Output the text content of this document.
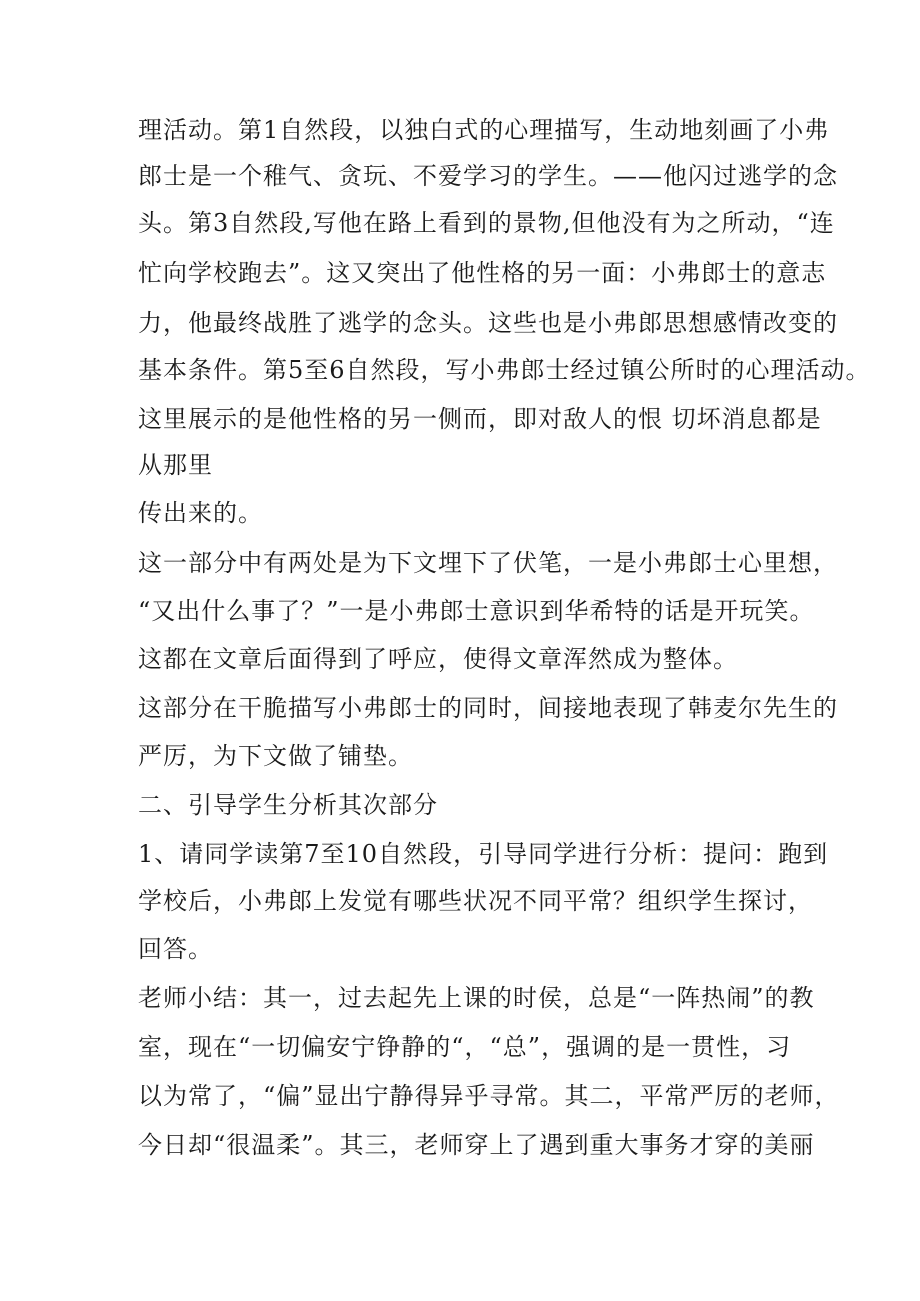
理活动。第1自然段，以独白式的心理描写，生动地刻画了小弗
郎士是一个稚气、贪玩、不爱学习的学生。——他闪过逃学的念
头。第3自然段,写他在路上看到的景物,但他没有为之所动，“连
忙向学校跑去”。这又突出了他性格的另一面：小弗郎士的意志
力，他最终战胜了逃学的念头。这些也是小弗郎思想感情改变的
基本条件。第5至6自然段，写小弗郎士经过镇公所时的心理活动。
这里展示的是他性格的另一侧而，即对敌人的恨 切坏消息都是
从那里
传出来的。
这一部分中有两处是为下文埋下了伏笔，一是小弗郎士心里想，
“又出什么事了？”一是小弗郎士意识到华希特的话是开玩笑。
这都在文章后面得到了呼应，使得文章浑然成为整体。
这部分在干脆描写小弗郎士的同时，间接地表现了韩麦尔先生的
严厉，为下文做了铺垫。
二、引导学生分析其次部分
1、请同学读第7至10自然段，引导同学进行分析：提问：跑到
学校后，小弗郎上发觉有哪些状况不同平常？组织学生探讨，
回答。
老师小结：其一，过去起先上课的时侯，总是“一阵热闹”的教
室，现在“一切偏安宁铮静的“，“总”，强调的是一贯性，习
以为常了，“偏”显出宁静得异乎寻常。其二，平常严厉的老师，
今日却“很温柔”。其三，老师穿上了遇到重大事务才穿的美丽
